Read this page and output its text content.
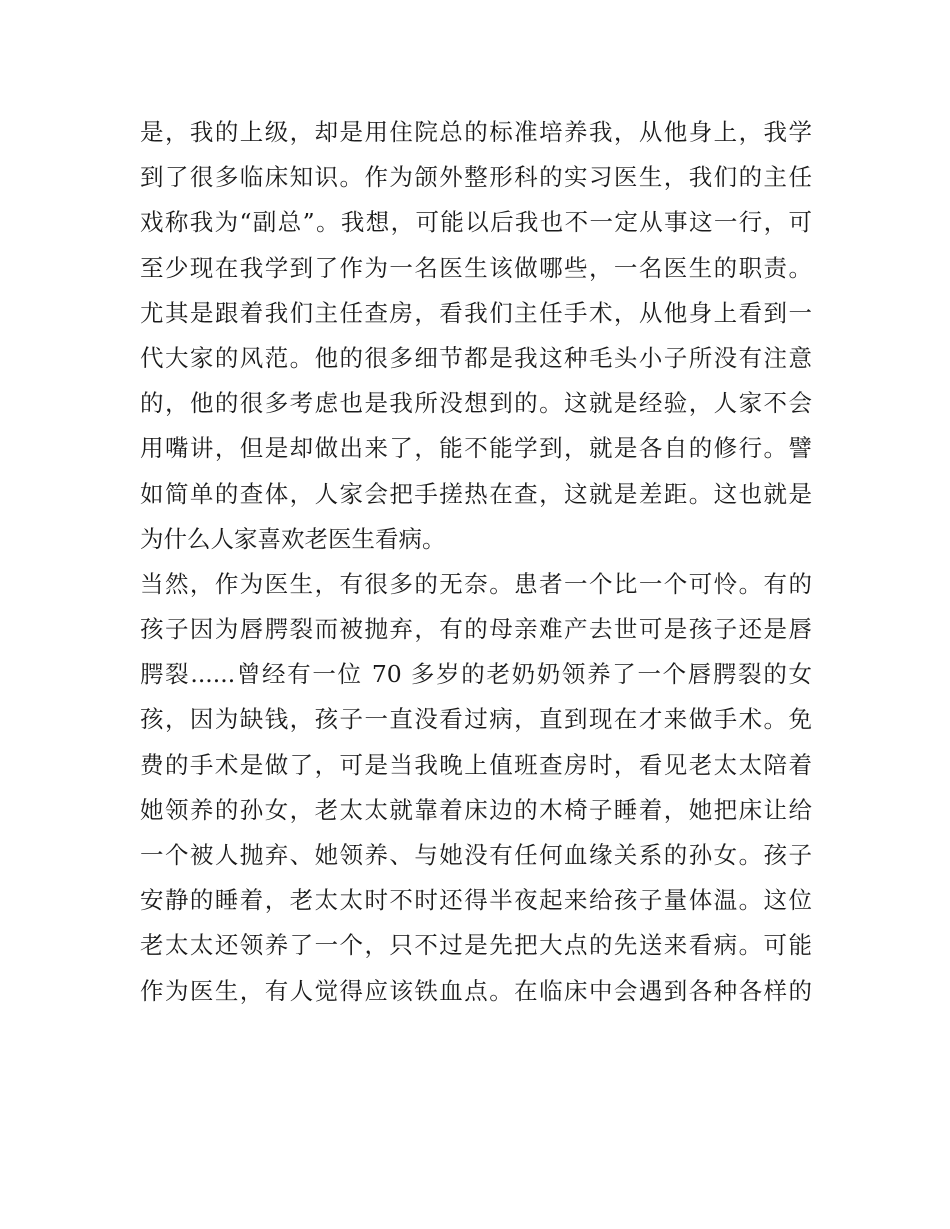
是，我的上级，却是用住院总的标准培养我，从他身上，我学
到了很多临床知识。作为颌外整形科的实习医生，我们的主任
戏称我为“副总”。我想，可能以后我也不一定从事这一行，可
至少现在我学到了作为一名医生该做哪些，一名医生的职责。
尤其是跟着我们主任查房，看我们主任手术，从他身上看到一
代大家的风范。他的很多细节都是我这种毛头小子所没有注意
的，他的很多考虑也是我所没想到的。这就是经验，人家不会
用嘴讲，但是却做出来了，能不能学到，就是各自的修行。譬
如简单的查体，人家会把手搓热在查，这就是差距。这也就是
为什么人家喜欢老医生看病。
当然，作为医生，有很多的无奈。患者一个比一个可怜。有的
孩子因为唇腭裂而被抛弃，有的母亲难产去世可是孩子还是唇
腭裂......曾经有一位 70 多岁的老奶奶领养了一个唇腭裂的女
孩，因为缺钱，孩子一直没看过病，直到现在才来做手术。免
费的手术是做了，可是当我晚上值班查房时，看见老太太陪着
她领养的孙女，老太太就靠着床边的木椅子睡着，她把床让给
一个被人抛弃、她领养、与她没有任何血缘关系的孙女。孩子
安静的睡着，老太太时不时还得半夜起来给孩子量体温。这位
老太太还领养了一个，只不过是先把大点的先送来看病。可能
作为医生，有人觉得应该铁血点。在临床中会遇到各种各样的
